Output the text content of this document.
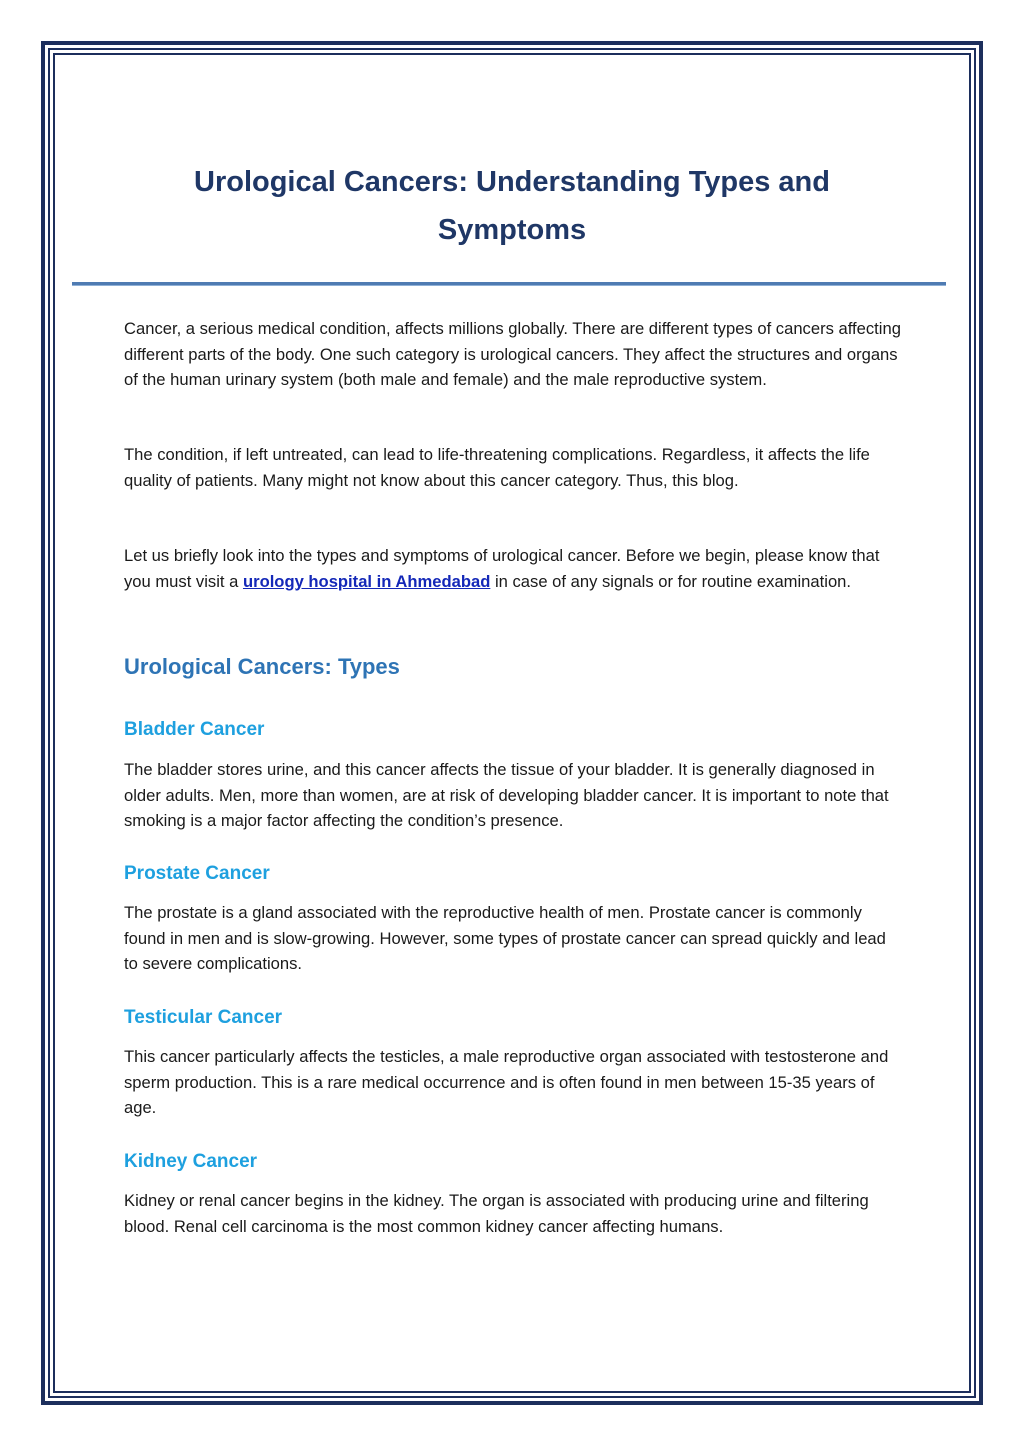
Urological Cancers: Understanding Types and
Symptoms

Cancer, a serious medical condition, affects millions globally. There are different types of cancers affecting different parts of the body. One such category is urological cancers. They affect the structures and organs of the human urinary system (both male and female) and the male reproductive system.

The condition, if left untreated, can lead to life-threatening complications. Regardless, it affects the life quality of patients. Many might not know about this cancer category. Thus, this blog.

Let us briefly look into the types and symptoms of urological cancer. Before we begin, please know that you must visit a urology hospital in Ahmedabad in case of any signals or for routine examination.

Urological Cancers: Types
Bladder Cancer

The bladder stores urine, and this cancer affects the tissue of your bladder. It is generally diagnosed in older adults. Men, more than women, are at risk of developing bladder cancer. It is important to note that smoking is a major factor affecting the condition’s presence.

Prostate Cancer

The prostate is a gland associated with the reproductive health of men. Prostate cancer is commonly found in men and is slow-growing. However, some types of prostate cancer can spread quickly and lead to severe complications.

Testicular Cancer

This cancer particularly affects the testicles, a male reproductive organ associated with testosterone and sperm production. This is a rare medical occurrence and is often found in men between 15-35 years of age.

Kidney Cancer

Kidney or renal cancer begins in the kidney. The organ is associated with producing urine and filtering blood. Renal cell carcinoma is the most common kidney cancer affecting humans.
